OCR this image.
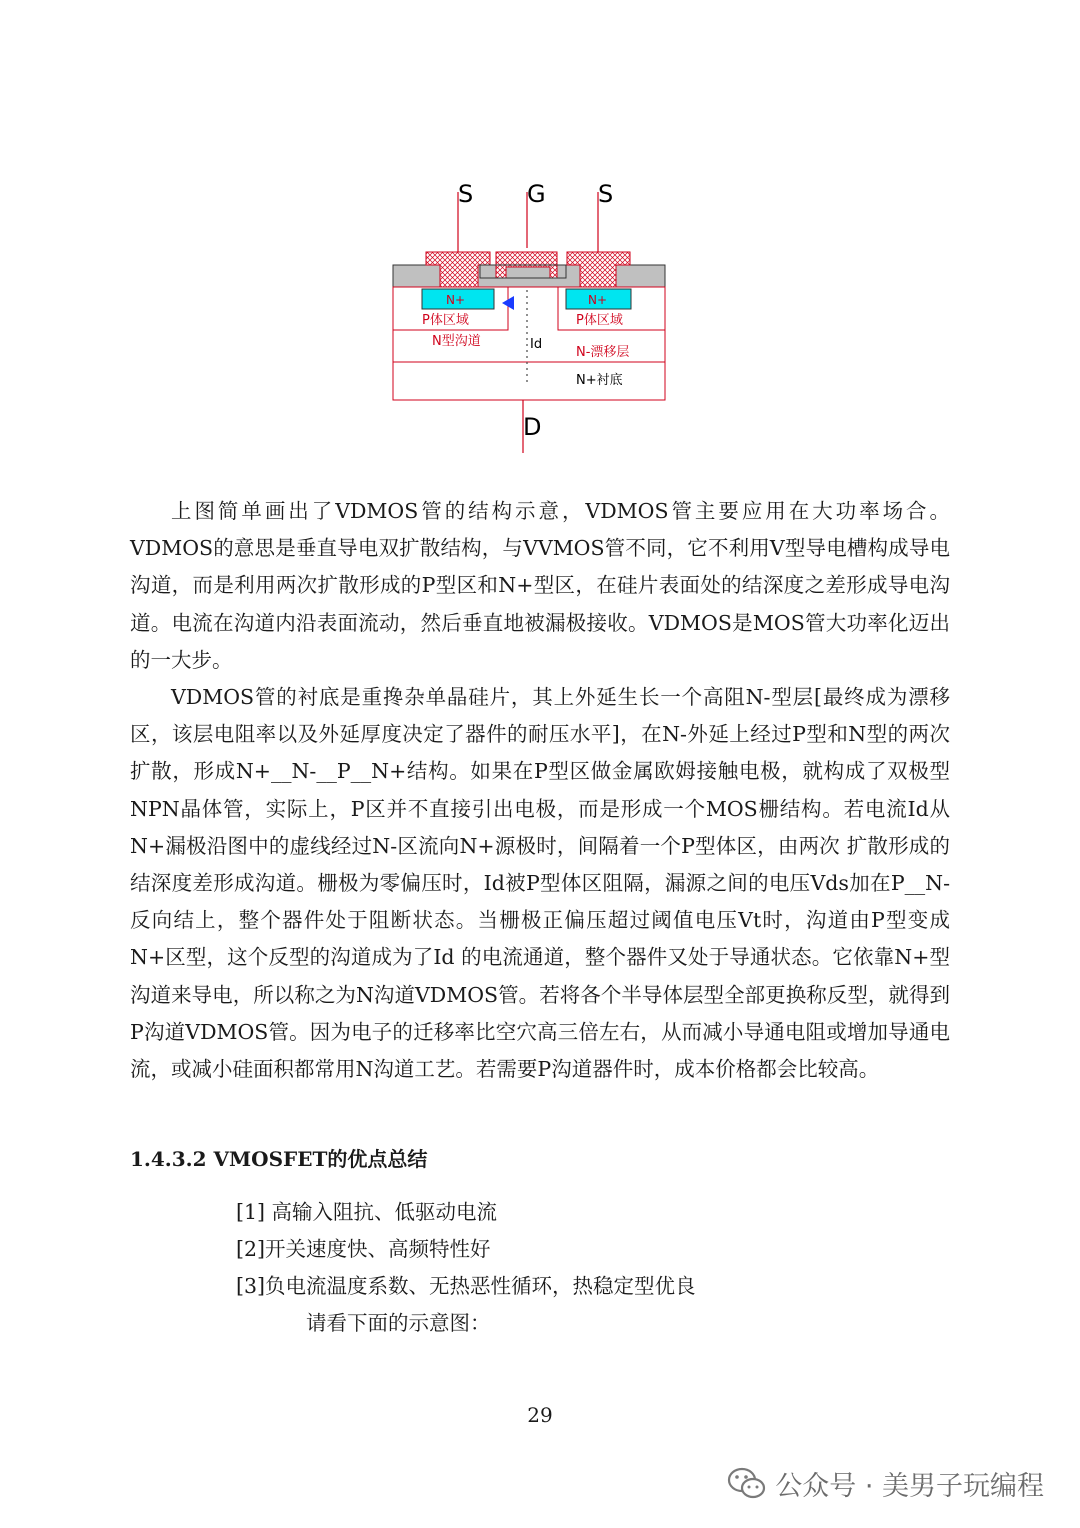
S G S
D
N+	N+
P体区域	P体区域
N型沟道	Id
N-漂移层
N+衬底

上图简单画出了VDMOS管的结构示意，VDMOS管主要应用在大功率场合。VDMOS的意思是垂直导电双扩散结构，与VVMOS管不同，它不利用V型导电槽构成导电沟道，而是利用两次扩散形成的P型区和N+型区，在硅片表面处的结深度之差形成导电沟道。电流在沟道内沿表面流动，然后垂直地被漏极接收。VDMOS是MOS管大功率化迈出的一大步。

VDMOS管的衬底是重搀杂单晶硅片，其上外延生长一个高阻N-型层[最终成为漂移区，该层电阻率以及外延厚度决定了器件的耐压水平]，在N-外延上经过P型和N型的两次扩散，形成N+__N-__P__N+结构。如果在P型区做金属欧姆接触电极，就构成了双极型NPN晶体管，实际上，P区并不直接引出电极，而是形成一个MOS栅结构。若电流Id从N+漏极沿图中的虚线经过N-区流向N+源极时，间隔着一个P型体区，由两次 扩散形成的结深度差形成沟道。栅极为零偏压时，Id被P型体区阻隔，漏源之间的电压Vds加在P__N-反向结上，整个器件处于阻断状态。当栅极正偏压超过阈值电压Vt时，沟道由P型变成N+区型，这个反型的沟道成为了Id 的电流通道，整个器件又处于导通状态。它依靠N+型沟道来导电，所以称之为N沟道VDMOS管。若将各个半导体层型全部更换称反型，就得到P沟道VDMOS管。因为电子的迁移率比空穴高三倍左右，从而减小导通电阻或增加导通电流，或减小硅面积都常用N沟道工艺。若需要P沟道器件时，成本价格都会比较高。

1.4.3.2 VMOSFET的优点总结
[1] 高输入阻抗、低驱动电流
[2]开关速度快、高频特性好
[3]负电流温度系数、无热恶性循环，热稳定型优良
请看下面的示意图：
29
公众号 · 美男子玩编程
